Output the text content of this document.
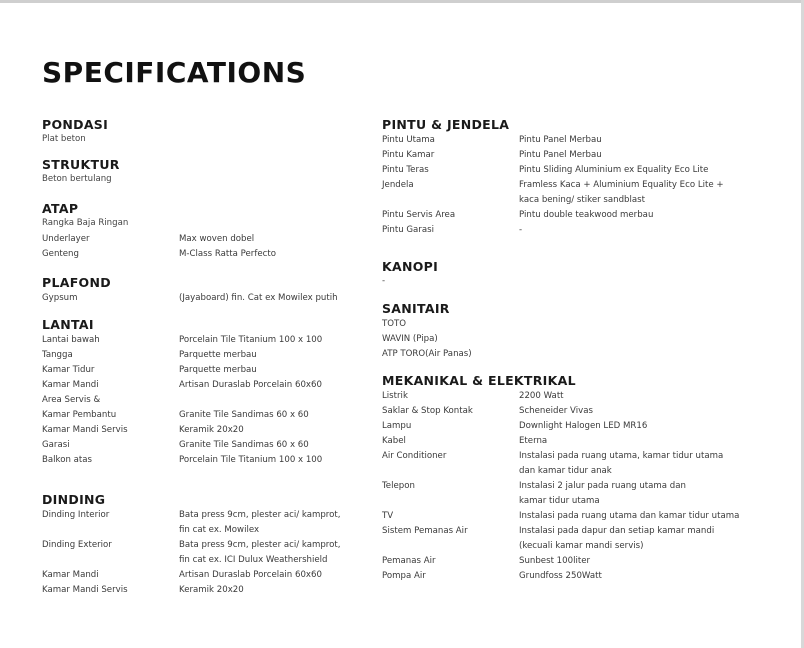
SPECIFICATIONS
PONDASI
Plat beton
STRUKTUR
Beton bertulang
ATAP
Rangka Baja Ringan
Underlayer	Max woven dobel
Genteng	M-Class Ratta Perfecto
PLAFOND
Gypsum	(Jayaboard) fin. Cat ex Mowilex putih
LANTAI
Lantai bawah	Porcelain Tile Titanium 100 x 100
Tangga	Parquette merbau
Kamar Tidur	Parquette merbau
Kamar Mandi	Artisan Duraslab Porcelain 60x60
Area Servis &
Kamar Pembantu	Granite Tile Sandimas 60 x 60
Kamar Mandi Servis	Keramik 20x20
Garasi	Granite Tile Sandimas 60 x 60
Balkon atas	Porcelain Tile Titanium 100 x 100
DINDING
Dinding Interior	Bata press 9cm, plester aci/ kamprot,
fin cat ex. Mowilex
Dinding Exterior	Bata press 9cm, plester aci/ kamprot,
fin cat ex. ICI Dulux Weathershield
Kamar Mandi	Artisan Duraslab Porcelain 60x60
Kamar Mandi Servis	Keramik 20x20
PINTU & JENDELA
Pintu Utama	Pintu Panel Merbau
Pintu Kamar	Pintu Panel Merbau
Pintu Teras	Pintu Sliding Aluminium ex Equality Eco Lite
Jendela	Framless Kaca + Aluminium Equality Eco Lite +
kaca bening/ stiker sandblast
Pintu Servis Area	Pintu double teakwood merbau
Pintu Garasi	-
KANOPI
-
SANITAIR
TOTO
WAVIN (Pipa)
ATP TORO(Air Panas)
MEKANIKAL & ELEKTRIKAL
Listrik	2200 Watt
Saklar & Stop Kontak	Scheneider Vivas
Lampu	Downlight Halogen LED MR16
Kabel	Eterna
Air Conditioner	Instalasi pada ruang utama, kamar tidur utama
dan kamar tidur anak
Telepon	Instalasi 2 jalur pada ruang utama dan
kamar tidur utama
TV	Instalasi pada ruang utama dan kamar tidur utama
Sistem Pemanas Air	Instalasi pada dapur dan setiap kamar mandi
(kecuali kamar mandi servis)
Pemanas Air	Sunbest 100liter
Pompa Air	Grundfoss 250Watt
